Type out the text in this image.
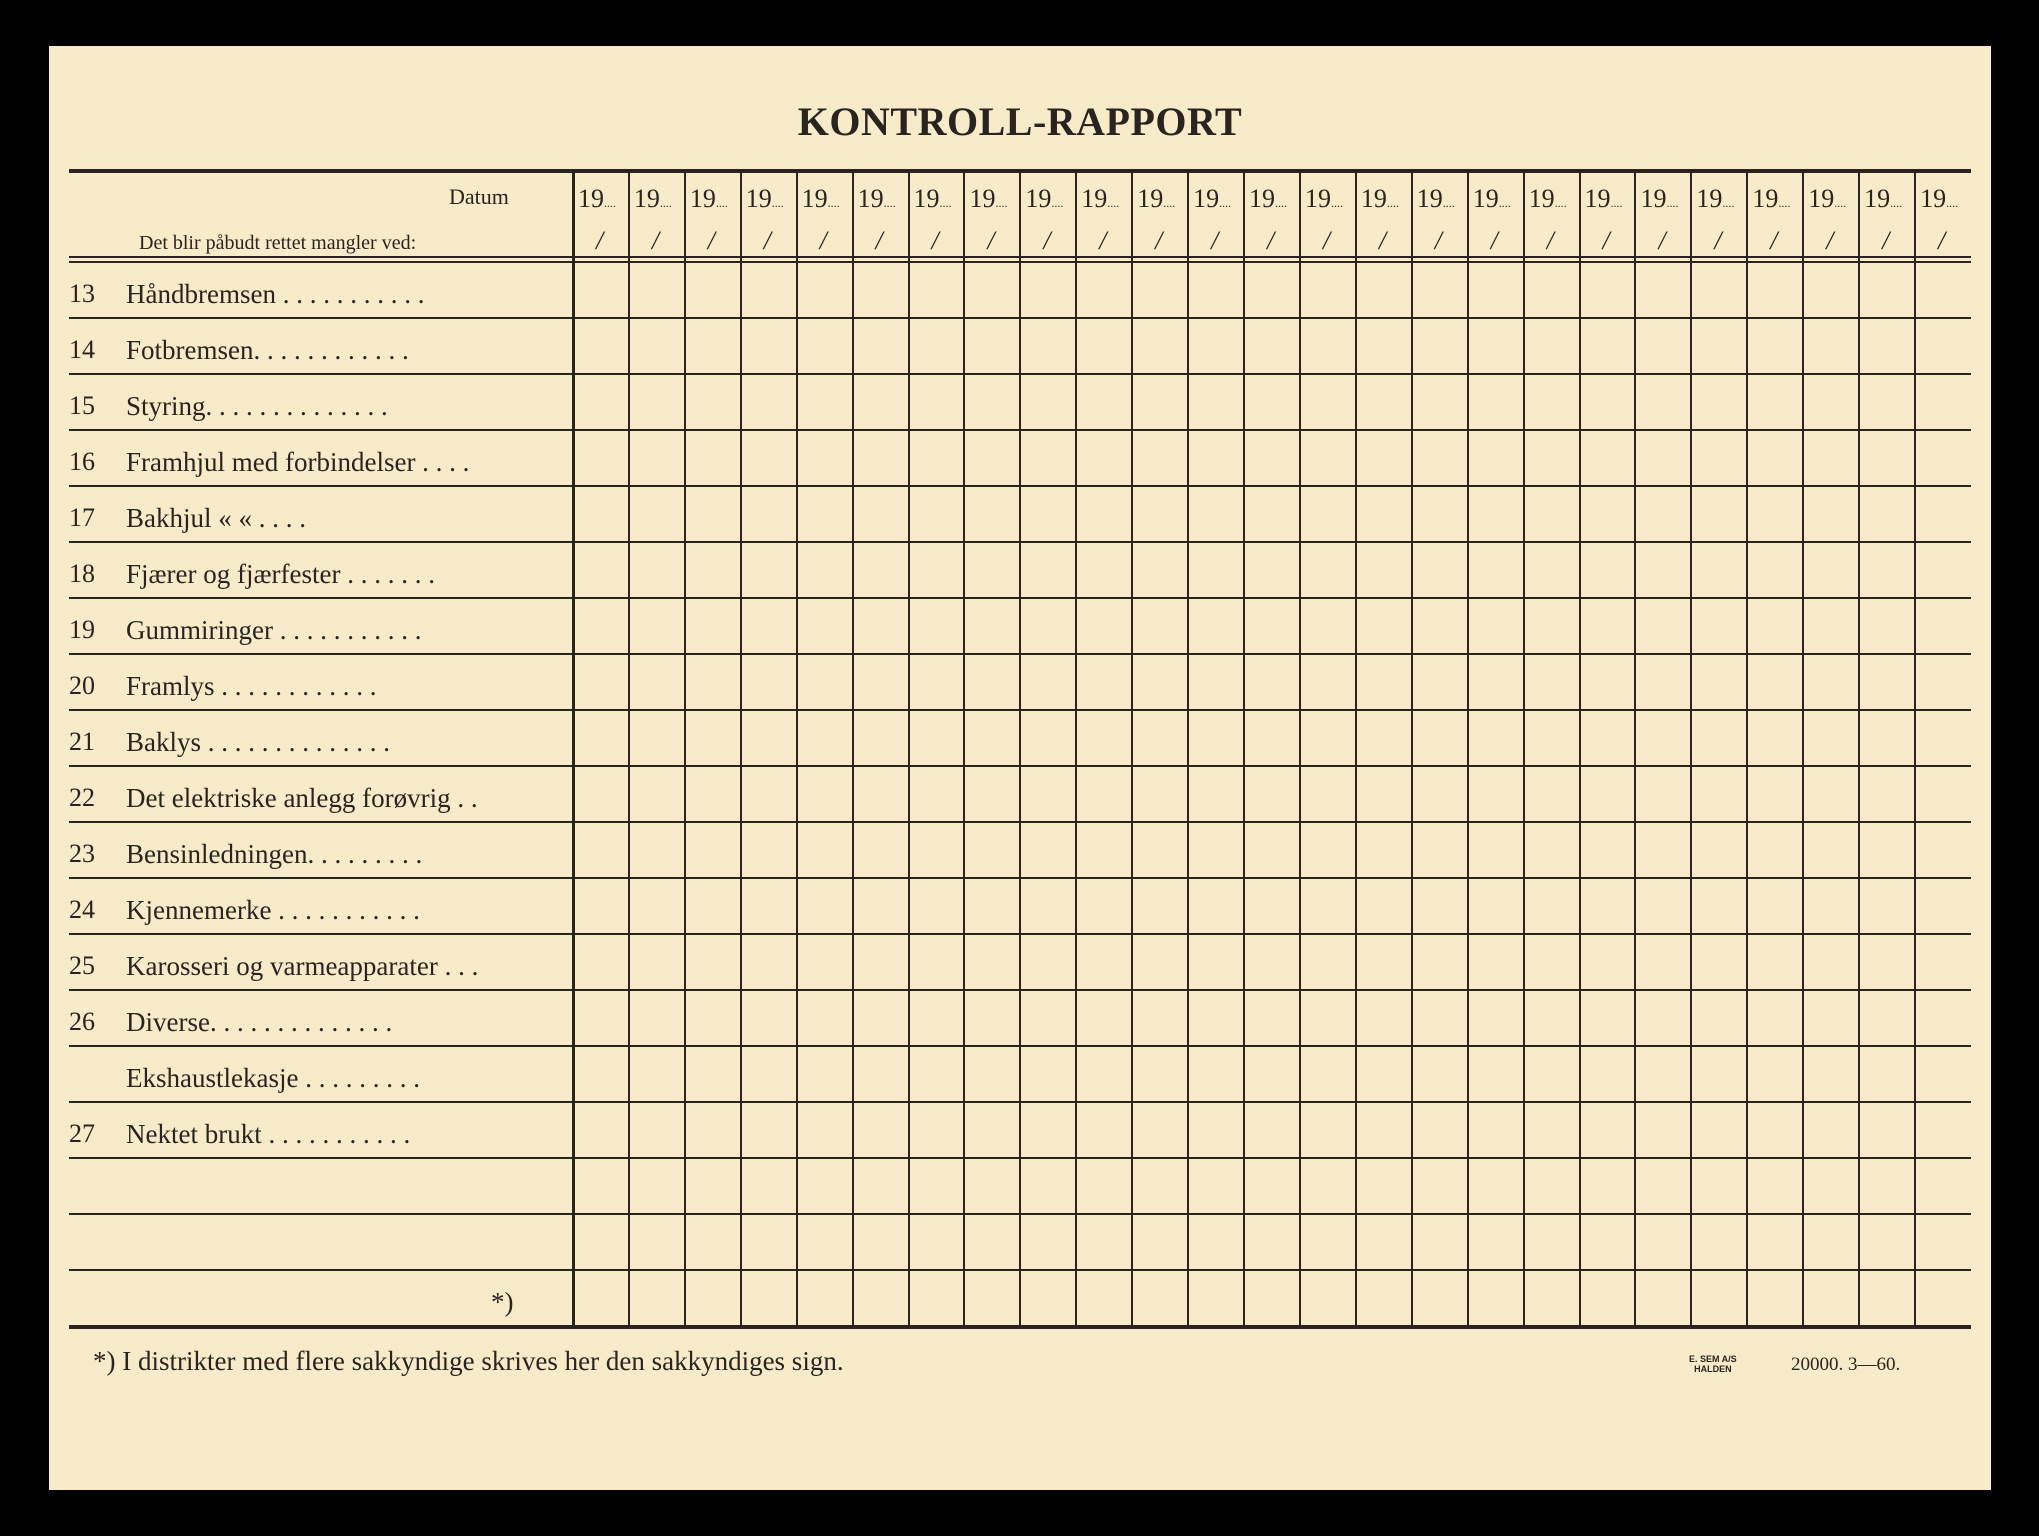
KONTROLL-RAPPORT
Datum
Det blir påbudt rettet mangler ved:
13 Håndbremsen . . . . . . . . . . .
14 Fotbremsen. . . . . . . . . . . .
15 Styring. . . . . . . . . . . . . .
16 Framhjul med forbindelser . . . .
17 Bakhjul « « . . . .
18 Fjærer og fjærfester . . . . . . .
19 Gummiringer . . . . . . . . . . .
20 Framlys . . . . . . . . . . . .
21 Baklys . . . . . . . . . . . . . .
22 Det elektriske anlegg forøvrig . .
23 Bensinledningen. . . . . . . . .
24 Kjennemerke . . . . . . . . . . .
25 Karosseri og varmeapparater . . .
26 Diverse. . . . . . . . . . . . . .
Ekshaustlekasje . . . . . . . . .
27 Nektet brukt . . . . . . . . . . .
*)
19....
/
19....
/
19....
/
19....
/
19....
/
19....
/
19....
/
19....
/
19....
/
19....
/
19....
/
19....
/
19....
/
19....
/
19....
/
19....
/
19....
/
19....
/
19....
/
19....
/
19....
/
19....
/
19....
/
19....
/
19....
/
*) I distrikter med flere sakkyndige skrives her den sakkyndiges sign.	E. SEM A/S
HALDEN	20000. 3—60.
